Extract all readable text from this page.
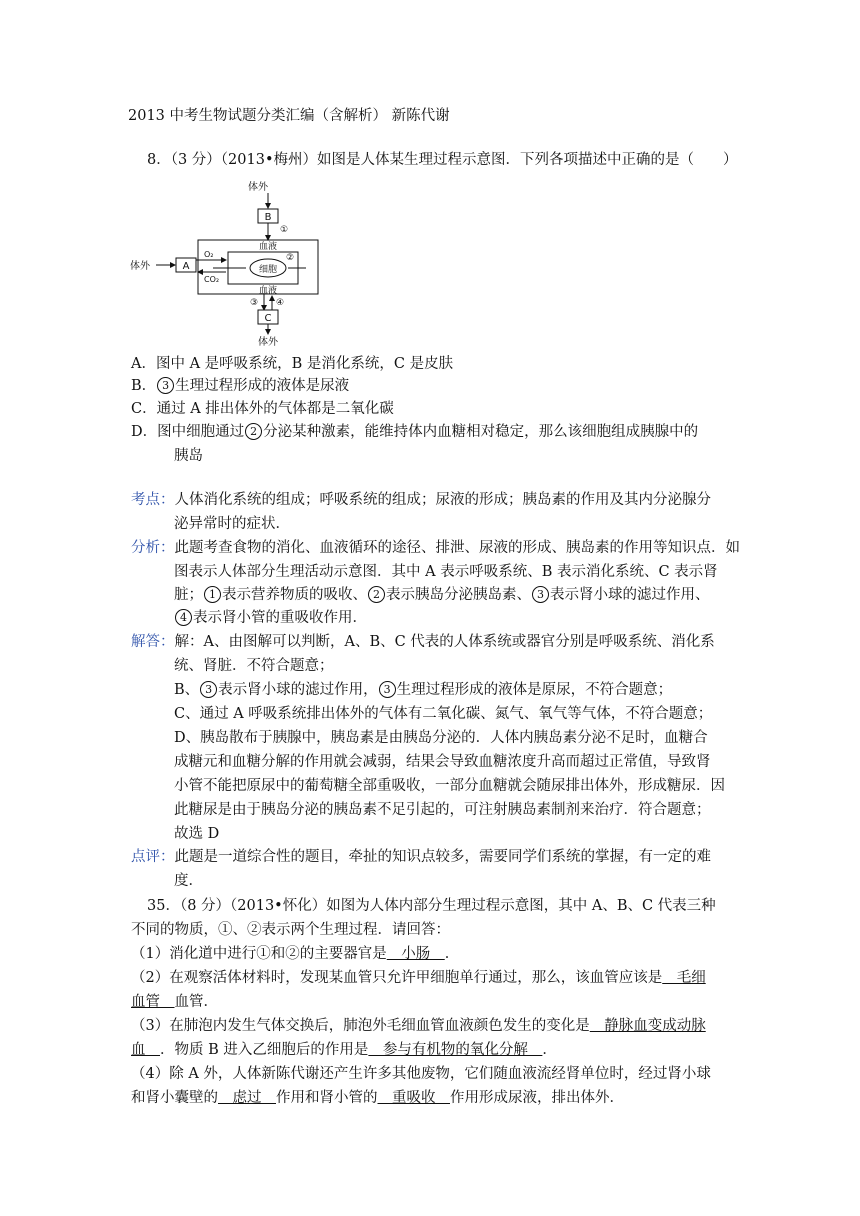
2013 中考生物试题分类汇编（含解析） 新陈代谢
8．（3 分）（2013•梅州）如图是人体某生理过程示意图．下列各项描述中正确的是（　　）
体外
B
①
血液
血液
细胞
②
A
体外
O₂
CO₂
③ ④
C
体外
A．图中 A 是呼吸系统，B 是消化系统，C 是皮肤
B． 3 生理过程形成的液体是尿液
C．通过 A 排出体外的气体都是二氧化碳
D．图中细胞通过 2 分泌某种激素，能维持体内血糖相对稳定，那么该细胞组成胰腺中的
胰岛
考点：人体消化系统的组成；呼吸系统的组成；尿液的形成；胰岛素的作用及其内分泌腺分
泌异常时的症状．
分析：此题考查食物的消化、血液循环的途径、排泄、尿液的形成、胰岛素的作用等知识点．如
图表示人体部分生理活动示意图．其中 A 表示呼吸系统、B 表示消化系统、C 表示肾
脏； 1 表示营养物质的吸收、 2 表示胰岛分泌胰岛素、 3 表示肾小球的滤过作用、
4 表示肾小管的重吸收作用．
解答：解：A、由图解可以判断，A、B、C 代表的人体系统或器官分别是呼吸系统、消化系
统、肾脏．不符合题意；
B、 3 表示肾小球的滤过作用， 3 生理过程形成的液体是原尿，不符合题意；
C、通过 A 呼吸系统排出体外的气体有二氧化碳、氮气、氧气等气体，不符合题意；
D、胰岛散布于胰腺中，胰岛素是由胰岛分泌的．人体内胰岛素分泌不足时，血糖合
成糖元和血糖分解的作用就会减弱，结果会导致血糖浓度升高而超过正常值，导致肾
小管不能把原尿中的葡萄糖全部重吸收，一部分血糖就会随尿排出体外，形成糖尿．因
此糖尿是由于胰岛分泌的胰岛素不足引起的，可注射胰岛素制剂来治疗．符合题意；
故选 D
点评：此题是一道综合性的题目，牵扯的知识点较多，需要同学们系统的掌握，有一定的难
度．
35．（8 分）（2013•怀化）如图为人体内部分生理过程示意图，其中 A、B、C 代表三种
不同的物质，①、②表示两个生理过程．请回答：
（1）消化道中进行①和②的主要器官是　小肠　．
（2）在观察活体材料时，发现某血管只允许甲细胞单行通过，那么，该血管应该是　毛细
血管　血管．
（3）在肺泡内发生气体交换后，肺泡外毛细血管血液颜色发生的变化是　静脉血变成动脉
血　．物质 B 进入乙细胞后的作用是　参与有机物的氧化分解　．
（4）除 A 外，人体新陈代谢还产生许多其他废物，它们随血液流经肾单位时，经过肾小球
和肾小囊壁的　虑过　作用和肾小管的　重吸收　作用形成尿液，排出体外．
